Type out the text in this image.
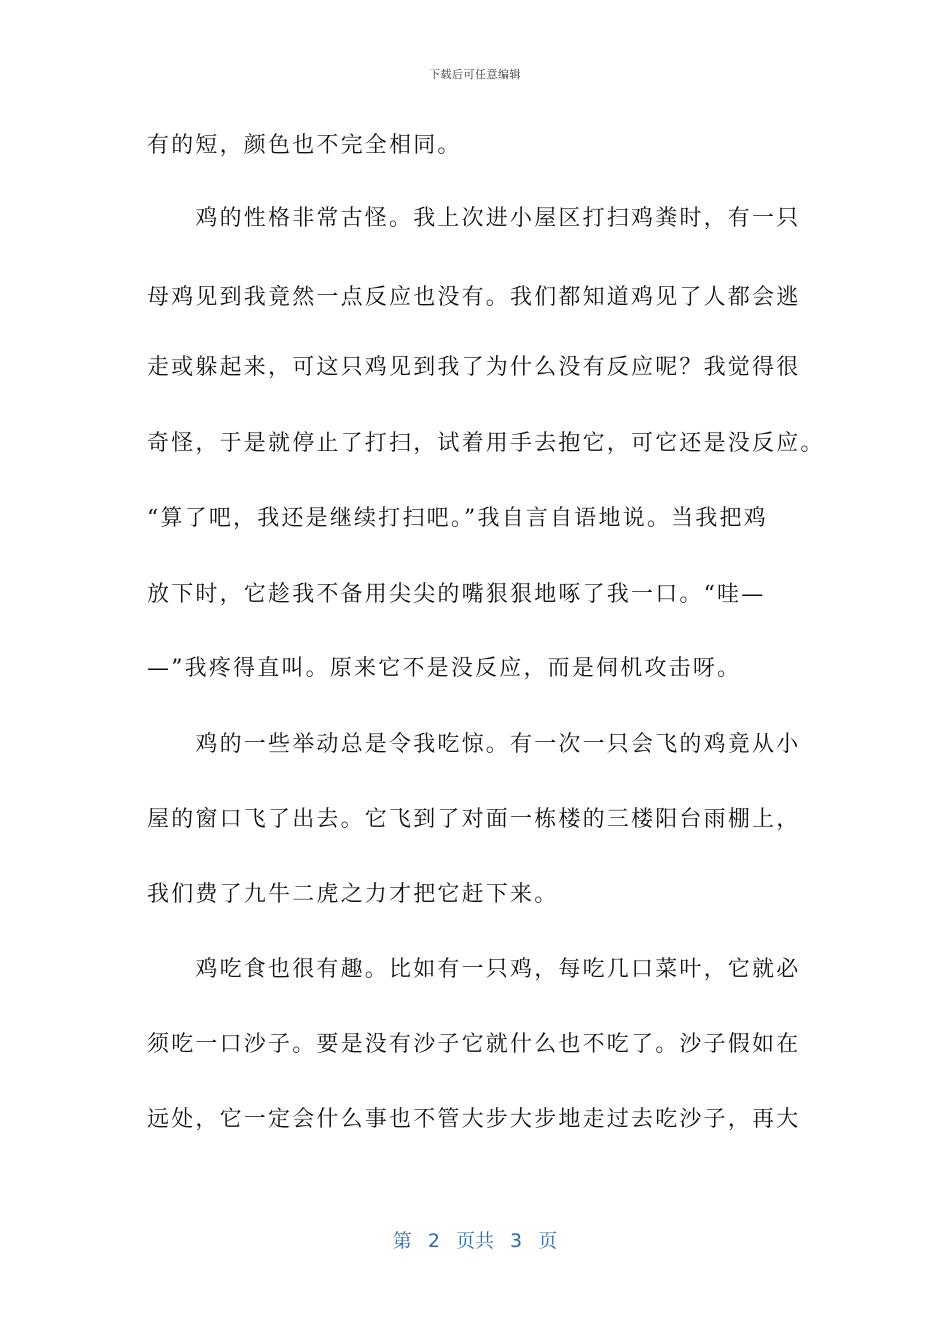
下载后可任意编辑
有的短，颜色也不完全相同。
　　鸡的性格非常古怪。我上次进小屋区打扫鸡粪时，有一只
母鸡见到我竟然一点反应也没有。我们都知道鸡见了人都会逃
走或躲起来，可这只鸡见到我了为什么没有反应呢？我觉得很
奇怪，于是就停止了打扫，试着用手去抱它，可它还是没反应。
“算了吧，我还是继续打扫吧。”我自言自语地说。当我把鸡
放下时，它趁我不备用尖尖的嘴狠狠地啄了我一口。“哇—
—”我疼得直叫。原来它不是没反应，而是伺机攻击呀。
　　鸡的一些举动总是令我吃惊。有一次一只会飞的鸡竟从小
屋的窗口飞了出去。它飞到了对面一栋楼的三楼阳台雨棚上，
我们费了九牛二虎之力才把它赶下来。
　　鸡吃食也很有趣。比如有一只鸡，每吃几口菜叶，它就必
须吃一口沙子。要是没有沙子它就什么也不吃了。沙子假如在
远处，它一定会什么事也不管大步大步地走过去吃沙子，再大
第 2 页共 3 页
